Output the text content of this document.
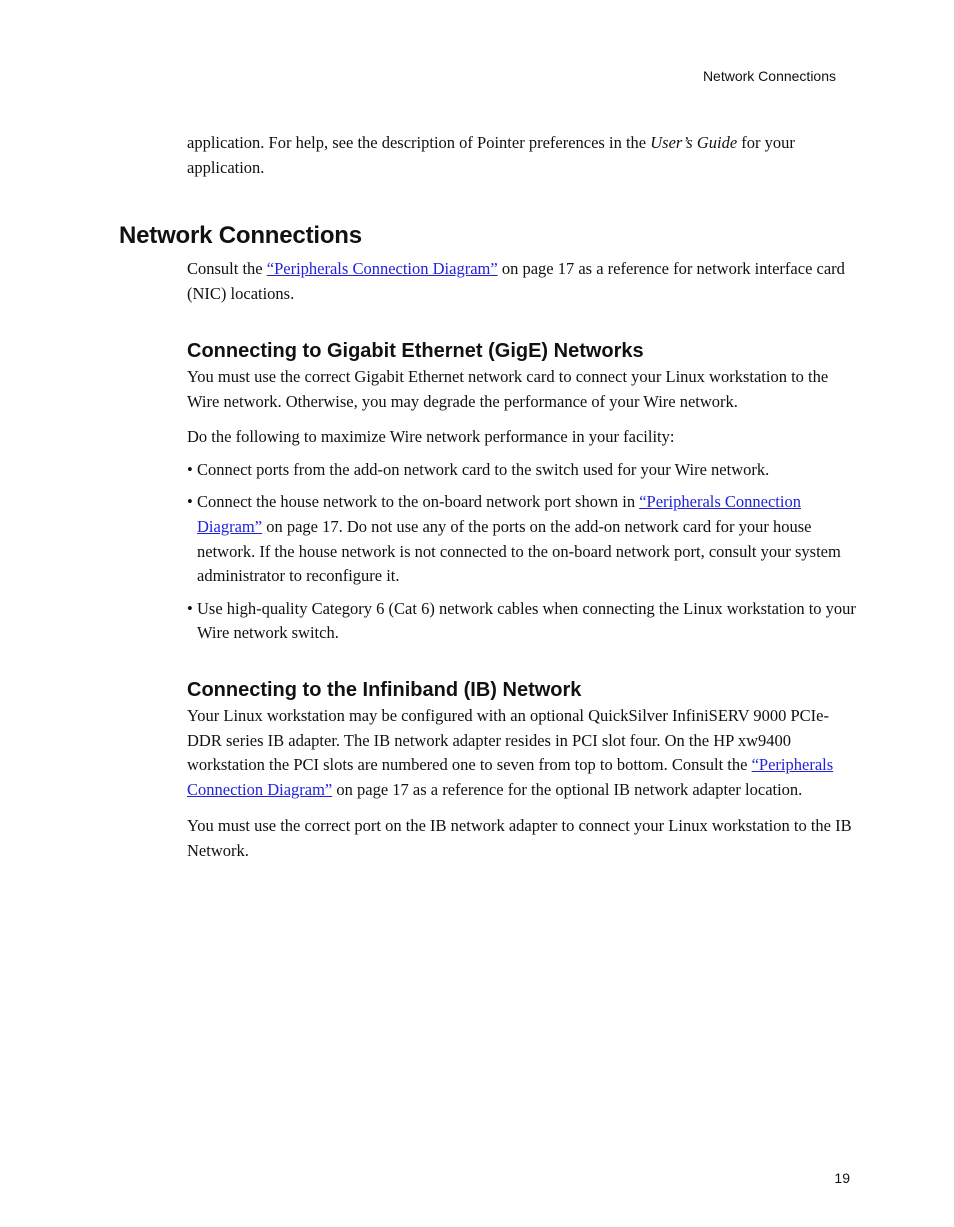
Network Connections

application. For help, see the description of Pointer preferences in the User’s Guide for your application.

Network Connections

Consult the “Peripherals Connection Diagram” on page 17 as a reference for network interface card (NIC) locations.

Connecting to Gigabit Ethernet (GigE) Networks

You must use the correct Gigabit Ethernet network card to connect your Linux workstation to the Wire network. Otherwise, you may degrade the performance of your Wire network.

Do the following to maximize Wire network performance in your facility:

• Connect ports from the add-on network card to the switch used for your Wire network.
• Connect the house network to the on-board network port shown in “Peripherals Connection Diagram” on page 17. Do not use any of the ports on the add-on network card for your house network. If the house network is not connected to the on-board network port, consult your system administrator to reconfigure it.
• Use high-quality Category 6 (Cat 6) network cables when connecting the Linux workstation to your Wire network switch.
Connecting to the Infiniband (IB) Network

Your Linux workstation may be configured with an optional QuickSilver InfiniSERV 9000 PCIe-DDR series IB adapter. The IB network adapter resides in PCI slot four. On the HP xw9400 workstation the PCI slots are numbered one to seven from top to bottom. Consult the “Peripherals Connection Diagram” on page 17 as a reference for the optional IB network adapter location.

You must use the correct port on the IB network adapter to connect your Linux workstation to the IB Network.

19
